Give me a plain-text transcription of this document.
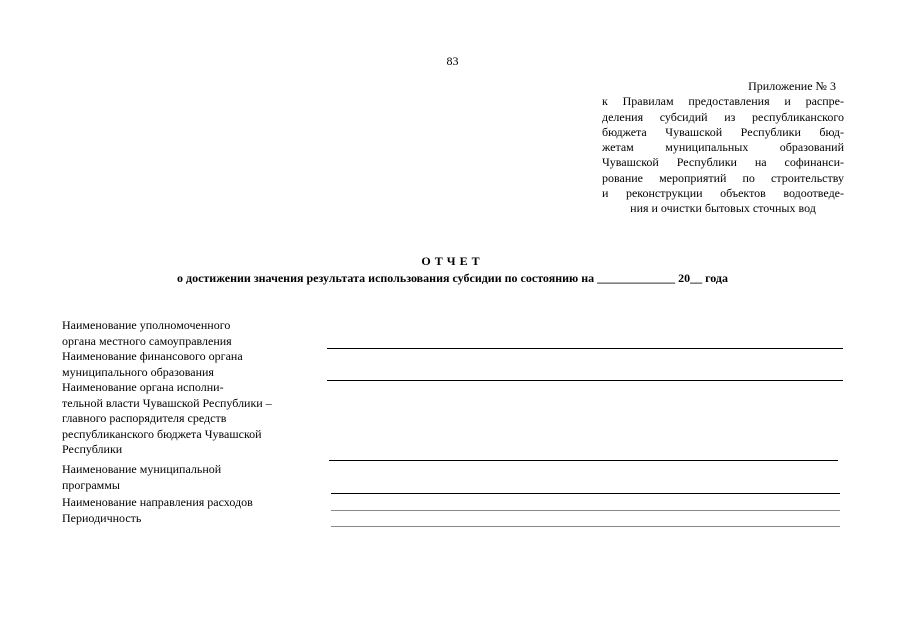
83
Приложение № 3
к Правилам предоставления и распре-
деления субсидий из республиканского
бюджета Чувашской Республики бюд-
жетам муниципальных образований
Чувашской Республики на софинанси-
рование мероприятий по строительству
и реконструкции объектов водоотведе-
ния и очистки бытовых сточных вод
ОТЧЕТ
о достижении значения результата использования субсидии по состоянию на _____________ 20__ года
Наименование уполномоченного
органа местного самоуправления
Наименование финансового органа
муниципального образования
Наименование органа исполни-
тельной власти Чувашской Республики –
главного распорядителя средств
республиканского бюджета Чувашской
Республики
Наименование муниципальной
программы
Наименование направления расходов
Периодичность
